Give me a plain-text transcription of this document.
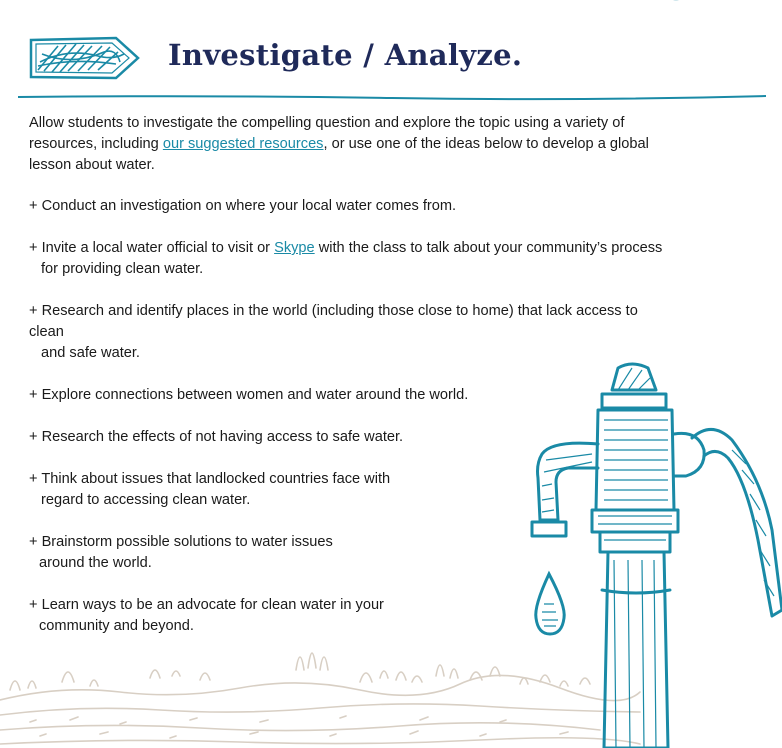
Investigate / Analyze.

Allow students to investigate the compelling question and explore the topic using a variety of resources, including our suggested resources, or use one of the ideas below to develop a global lesson about water.

+ Conduct an investigation on where your local water comes from.

+ Invite a local water official to visit or Skype with the class to talk about your community’s process
for providing clean water.

+ Research and identify places in the world (including those close to home) that lack access to clean
and safe water.

+ Explore connections between women and water around the world.

+ Research the effects of not having access to safe water.

+ Think about issues that landlocked countries face with
regard to accessing clean water.

+ Brainstorm possible solutions to water issues
around the world.

+ Learn ways to be an advocate for clean water in your
community and beyond.
